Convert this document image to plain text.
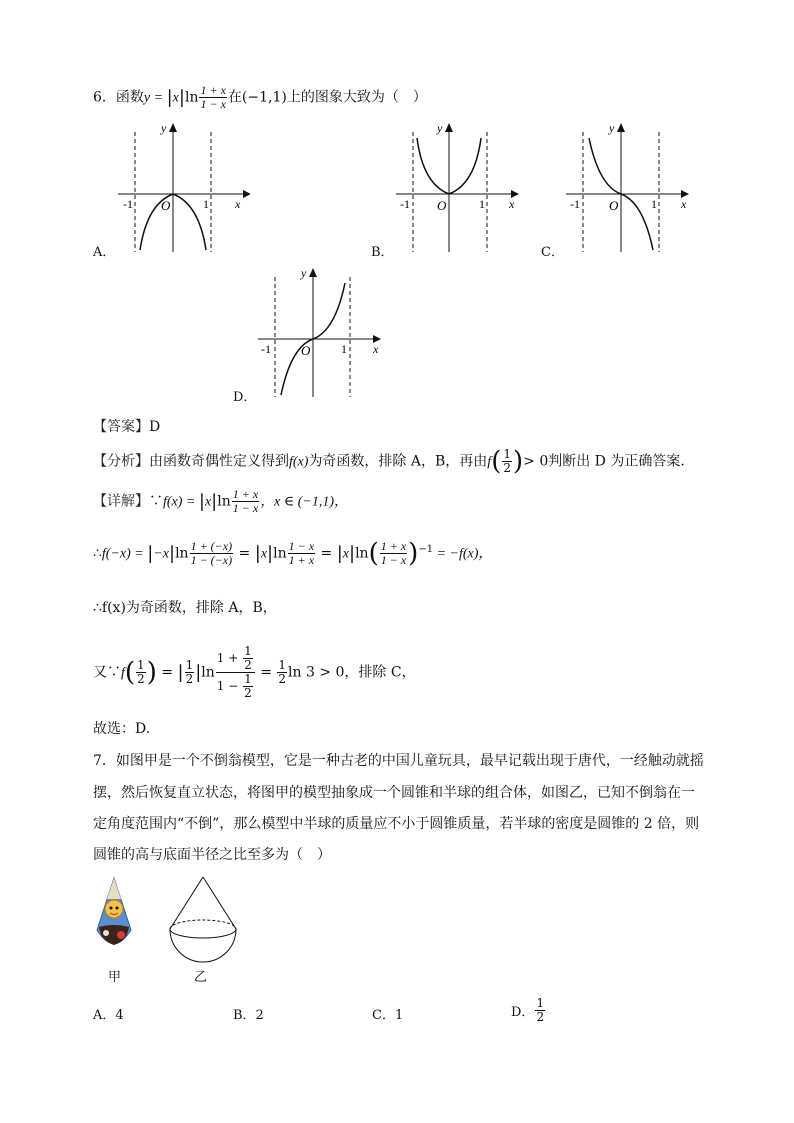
6．函数$y = |x|\ln \frac{1 + x}{1 - x}$ 在(−1,1)上的图象大致为（　）
y
x
-1	1
O
A．
y
x
-1	1
O
B．
y
x
-1	1
O
C．
y
x
-1	1
O
D．
【答案】D
【分析】由函数奇偶性定义得到f(x)为奇函数，排除 A，B，再由$f( \frac{1}{2}$ )> 0判断出 D 为正确答案.
【详解】∵f(x) = $|x|\ln \frac{1 + x}{1 - x}$ ，x ∈ (−1,1)，
∴f(−x) = $|-x|\ln \frac{1 + (-x)}{1 - (-x)} = |x|\ln \frac{1 - x}{1 + x} = |x|\ln( \frac{1 + x}{1 - x} )^{-1} = -f(x)$，
∴f(x)为奇函数，排除 A，B，
又∵f( $\frac{1}{2}$ ) = | $\frac{1}{2} |\ln \frac{1 + \frac{1}{2}}{1 - \frac{1}{2}} = \frac{1}{2}$ ln 3 > 0，排除 C，
故选：D.
7．如图甲是一个不倒翁模型，它是一种古老的中国儿童玩具，最早记载出现于唐代，一经触动就摇
摆，然后恢复直立状态，将图甲的模型抽象成一个圆锥和半球的组合体，如图乙，已知不倒翁在一
定角度范围内“不倒”，那么模型中半球的质量应不小于圆锥质量，若半球的密度是圆锥的 2 倍，则
圆锥的高与底面半径之比至多为（　）
甲	乙
A．4	B．2	C．1	D． $\frac{1}{2}$
